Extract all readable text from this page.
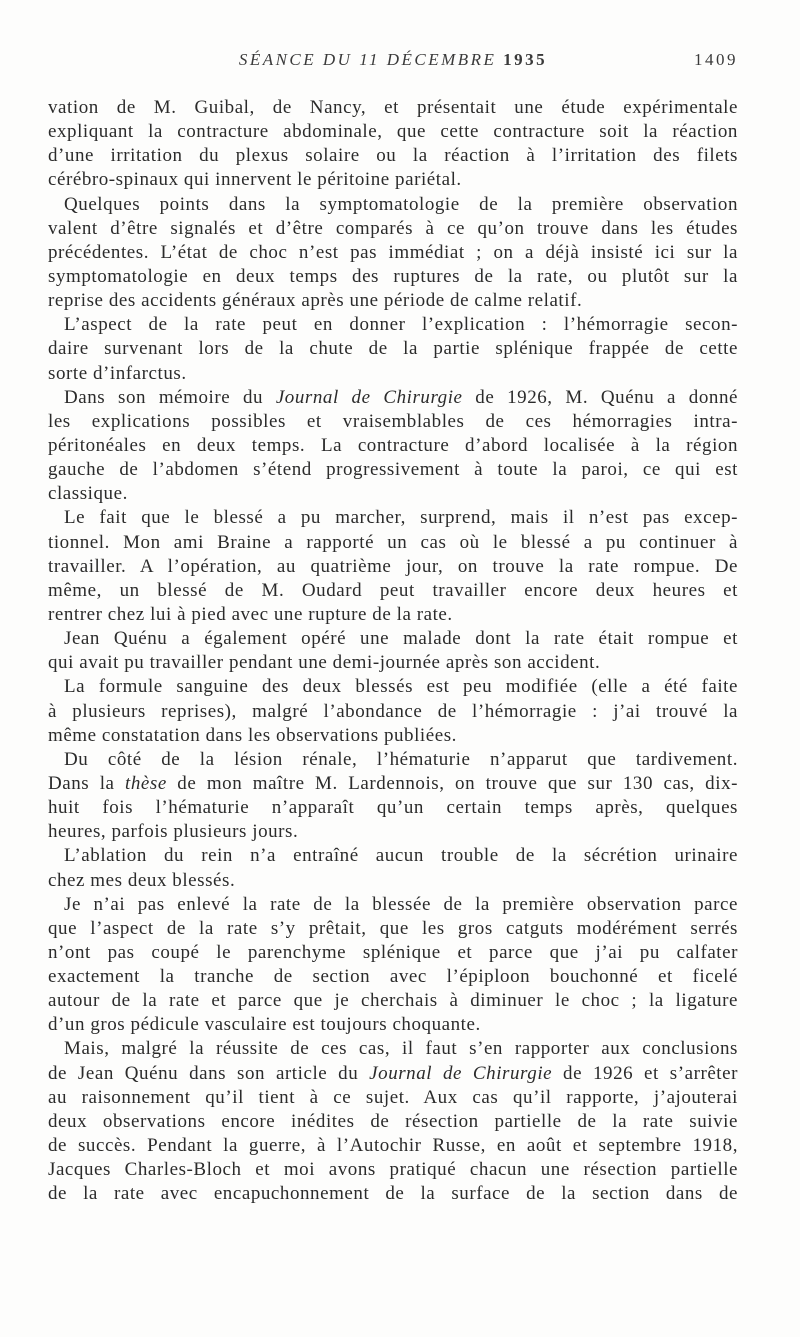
SÉANCE DU 11 DÉCEMBRE 1935	1409
vation de M. Guibal, de Nancy, et présentait une étude expérimentale
expliquant la contracture abdominale, que cette contracture soit la réaction
d’une irritation du plexus solaire ou la réaction à l’irritation des filets
cérébro-spinaux qui innervent le péritoine pariétal.
Quelques points dans la symptomatologie de la première observation
valent d’être signalés et d’être comparés à ce qu’on trouve dans les études
précédentes. L’état de choc n’est pas immédiat ; on a déjà insisté ici sur la
symptomatologie en deux temps des ruptures de la rate, ou plutôt sur la
reprise des accidents généraux après une période de calme relatif.
L’aspect de la rate peut en donner l’explication : l’hémorragie secon-
daire survenant lors de la chute de la partie splénique frappée de cette
sorte d’infarctus.
Dans son mémoire du Journal de Chirurgie de 1926, M. Quénu a donné
les explications possibles et vraisemblables de ces hémorragies intra-
péritonéales en deux temps. La contracture d’abord localisée à la région
gauche de l’abdomen s’étend progressivement à toute la paroi, ce qui est
classique.
Le fait que le blessé a pu marcher, surprend, mais il n’est pas excep-
tionnel. Mon ami Braine a rapporté un cas où le blessé a pu continuer à
travailler. A l’opération, au quatrième jour, on trouve la rate rompue. De
même, un blessé de M. Oudard peut travailler encore deux heures et
rentrer chez lui à pied avec une rupture de la rate.
Jean Quénu a également opéré une malade dont la rate était rompue et
qui avait pu travailler pendant une demi-journée après son accident.
La formule sanguine des deux blessés est peu modifiée (elle a été faite
à plusieurs reprises), malgré l’abondance de l’hémorragie : j’ai trouvé la
même constatation dans les observations publiées.
Du côté de la lésion rénale, l’hématurie n’apparut que tardivement.
Dans la thèse de mon maître M. Lardennois, on trouve que sur 130 cas, dix-
huit fois l’hématurie n’apparaît qu’un certain temps après, quelques
heures, parfois plusieurs jours.
L’ablation du rein n’a entraîné aucun trouble de la sécrétion urinaire
chez mes deux blessés.
Je n’ai pas enlevé la rate de la blessée de la première observation parce
que l’aspect de la rate s’y prêtait, que les gros catguts modérément serrés
n’ont pas coupé le parenchyme splénique et parce que j’ai pu calfater
exactement la tranche de section avec l’épiploon bouchonné et ficelé
autour de la rate et parce que je cherchais à diminuer le choc ; la ligature
d’un gros pédicule vasculaire est toujours choquante.
Mais, malgré la réussite de ces cas, il faut s’en rapporter aux conclusions
de Jean Quénu dans son article du Journal de Chirurgie de 1926 et s’arrêter
au raisonnement qu’il tient à ce sujet. Aux cas qu’il rapporte, j’ajouterai
deux observations encore inédites de résection partielle de la rate suivie
de succès. Pendant la guerre, à l’Autochir Russe, en août et septembre 1918,
Jacques Charles-Bloch et moi avons pratiqué chacun une résection partielle
de la rate avec encapuchonnement de la surface de la section dans de
